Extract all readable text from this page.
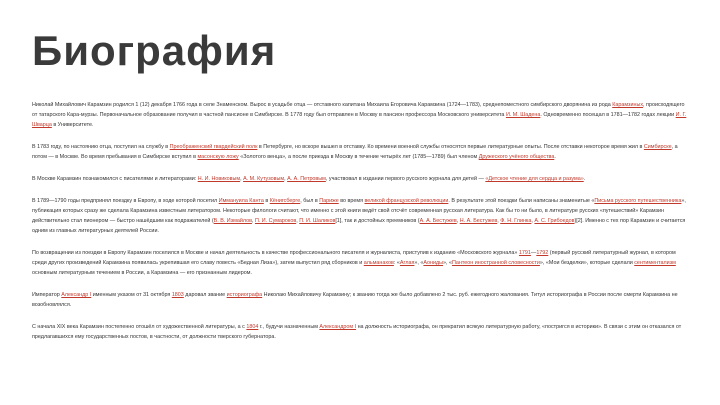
Биография

Николай Михайлович Карамзин родился 1 (12) декабря 1766 года в селе Знаменском. Вырос в усадьбе отца — отставного капитана Михаила Егоровича Карамзина (1724—1783), среднепоместного симбирского дворянина из рода Карамзиных, происходящего от татарского Кара-мурзы. Первоначальное образование получил в частной пансионе в Симбирске. В 1778 году был отправлен в Москву в пансион профессора Московского университета И. М. Шадена. Одновременно посещал в 1781—1782 годах лекции И. Г. Шварца в Университете.

В 1783 году, по настоянию отца, поступил на службу в Преображенский гвардейский полк в Петербурге, но вскоре вышел в отставку. Ко времени военной службы относятся первые литературные опыты. После отставки некоторое время жил в Симбирске, а потом — в Москве. Во время пребывания в Симбирске вступил в масонскую ложу «Золотого венца», а после приезда в Москву в течение четырёх лет (1785—1789) был членом Дружеского учёного общества.

В Москве Карамзин познакомился с писателями и литераторами: Н. И. Новиковым, А. М. Кутузовым, А. А. Петровым, участвовал в издании первого русского журнала для детей — «Детское чтение для сердца и разума».

В 1789—1790 годы предпринял поездку в Европу, в ходе которой посетил Иммануила Канта в Кёнигсберге, был в Париже во время великой французской революции. В результате этой поездки были написаны знаменитые «Письма русского путешественника», публикация которых сразу же сделала Карамзина известным литератором. Некоторые филологи считают, что именно с этой книги ведёт свой отсчёт современная русская литература. Как бы то ни было, в литературе русских «путешествий» Карамзин действительно стал пионером — быстро нашёдшим как подражателей (В. В. Измайлов, П. И. Сумароков, П. И. Шаликов[1], так и достойных преемников (А. А. Бестужев, Н. А. Бестужев, Ф. Н. Глинка, А. С. Грибоедов)[2]. Именно с тех пор Карамзин и считается одним из главных литературных деятелей России.

По возвращении из поездки в Европу Карамзин поселился в Москве и начал деятельность в качестве профессионального писателя и журналиста, приступив к изданию «Московского журнала» 1791—1792 (первый русский литературный журнал, в котором среди других произведений Карамзина появилась укрепившая его славу повесть «Бедная Лиза»), затем выпустил ряд сборников и альманахов: «Аглая», «Аониды», «Пантеон иностранной словесности», «Мои безделки», которые сделали сентиментализм основным литературным течением в России, а Карамзина — его признанным лидером.

Император Александр I именным указом от 31 октября 1803 даровал звание историографа Николаю Михайловичу Карамзину; к званию тогда же было добавлено 2 тыс. руб. ежегодного жалования. Титул историографа в России после смерти Карамзина не возобновлялся.

С начала XIX века Карамзин постепенно отошёл от художественной литературы, а с 1804 г., будучи назначенным Александром I на должность историографа, он прекратил всякую литературную работу, «постригся в историки». В связи с этим он отказался от предлагавшихся ему государственных постов, в частности, от должности тверского губернатора.
